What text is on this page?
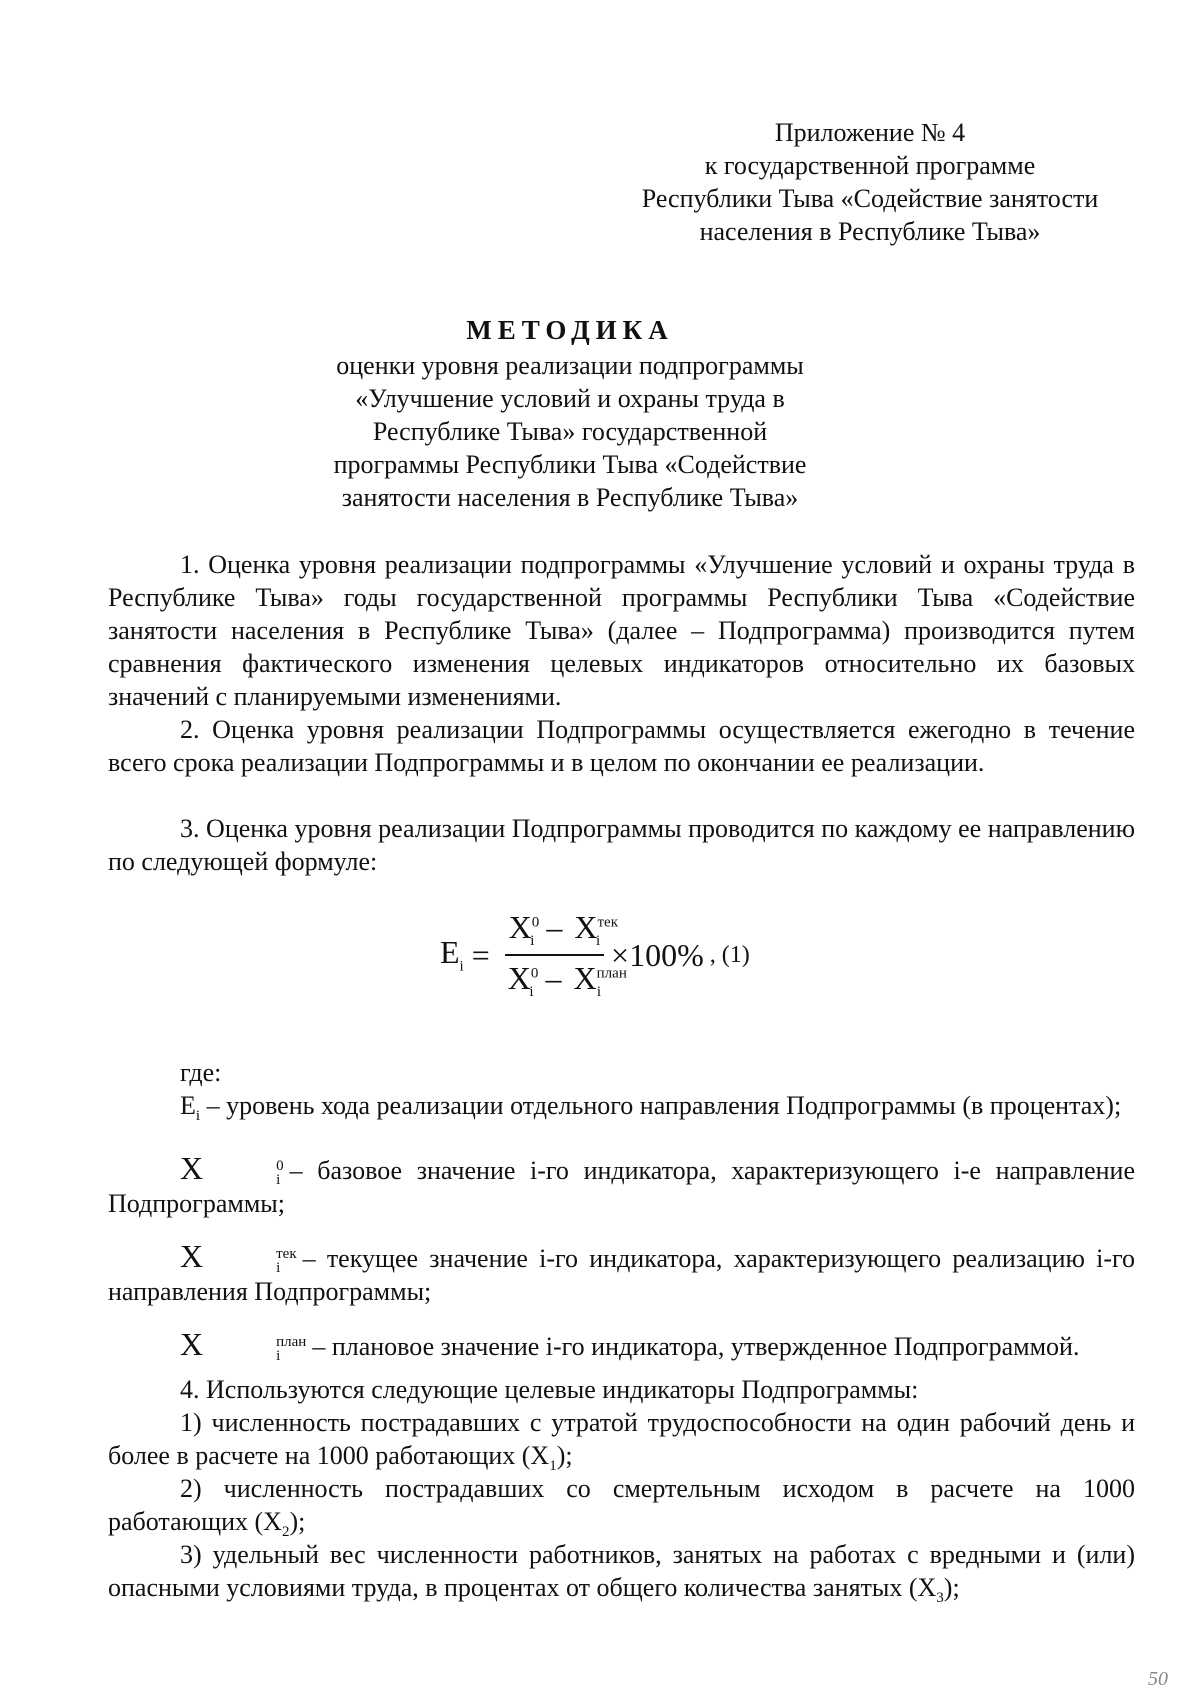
Приложение № 4
к государственной программе
Республики Тыва «Содействие занятости
населения в Республике Тыва»
МЕТОДИКА
оценки уровня реализации подпрограммы
«Улучшение условий и охраны труда в
Республике Тыва» государственной
программы Республики Тыва «Содействие
занятости населения в Республике Тыва»

1. Оценка уровня реализации подпрограммы «Улучшение условий и охраны труда в Республике Тыва» годы государственной программы Республики Тыва «Содействие занятости населения в Республике Тыва» (далее – Подпрограмма) производится путем сравнения фактического изменения целевых индикаторов относительно их базовых значений с планируемыми изменениями.

2. Оценка уровня реализации Подпрограммы осуществляется ежегодно в течение всего срока реализации Подпрограммы и в целом по окончании ее реализации.

3. Оценка уровня реализации Подпрограммы проводится по каждому ее направлению по следующей формуле:

$E_i = \frac{X^0_i - X^{тек}_i}{X^0_i - X^{план}_i} \times 100\%$ , (1)

где:

$E_i$ – уровень хода реализации отдельного направления Подпрограммы (в процентах);

X	0
i – базовое значение i-го индикатора, характеризующего i-е направление Подпрограммы;

X	тек
i – текущее значение i-го индикатора, характеризующего реализацию i-го направления Подпрограммы;

X	план
i	– плановое значение i-го индикатора, утвержденное Подпрограммой.

4. Используются следующие целевые индикаторы Подпрограммы:

1) численность пострадавших с утратой трудоспособности на один рабочий день и более в расчете на 1000 работающих $(X_1)$;

2) численность пострадавших со смертельным исходом в расчете на 1000 работающих $(X_2)$;

3) удельный вес численности работников, занятых на работах с вредными и (или) опасными условиями труда, в процентах от общего количества занятых $(X_3)$;

50
